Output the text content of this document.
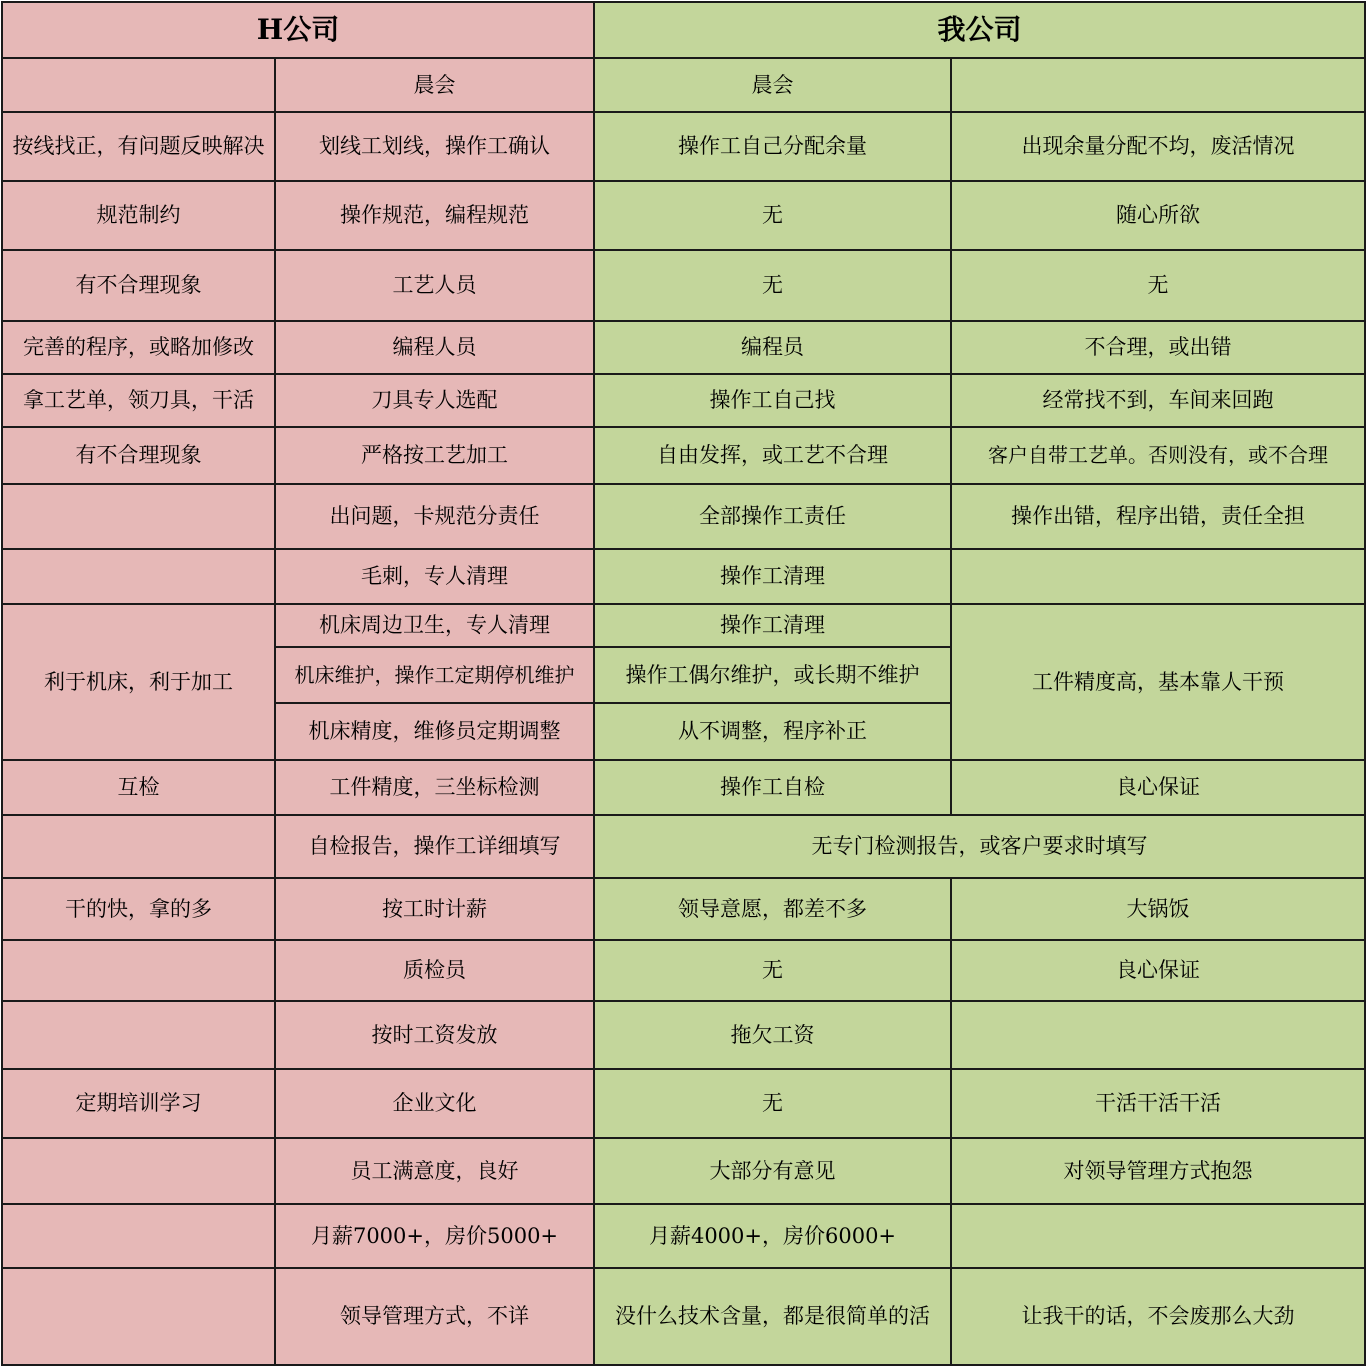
H公司		我公司	
	晨会	晨会	
按线找正，有问题反映解决	划线工划线，操作工确认	操作工自己分配余量	出现余量分配不均，废活情况
规范制约	操作规范，编程规范	无	随心所欲
有不合理现象	工艺人员	无	无
完善的程序，或略加修改	编程人员	编程员	不合理，或出错
拿工艺单，领刀具，干活	刀具专人选配	操作工自己找	经常找不到，车间来回跑
有不合理现象	严格按工艺加工	自由发挥，或工艺不合理	客户自带工艺单。否则没有，或不合理
	出问题，卡规范分责任	全部操作工责任	操作出错，程序出错，责任全担
	毛刺，专人清理	操作工清理	
利于机床，利于加工	机床周边卫生，专人清理	操作工清理	工件精度高，基本靠人干预
	机床维护，操作工定期停机维护	操作工偶尔维护，或长期不维护	
	机床精度，维修员定期调整	从不调整，程序补正	
互检	工件精度，三坐标检测	操作工自检	良心保证
	自检报告，操作工详细填写	无专门检测报告，或客户要求时填写	
干的快，拿的多	按工时计薪	领导意愿，都差不多	大锅饭
	质检员	无	良心保证
	按时工资发放	拖欠工资	
定期培训学习	企业文化	无	干活干活干活
	员工满意度，良好	大部分有意见	对领导管理方式抱怨
	月薪7000+，房价5000+	月薪4000+，房价6000+	
	领导管理方式，不详	没什么技术含量，都是很简单的活	让我干的话，不会废那么大劲
